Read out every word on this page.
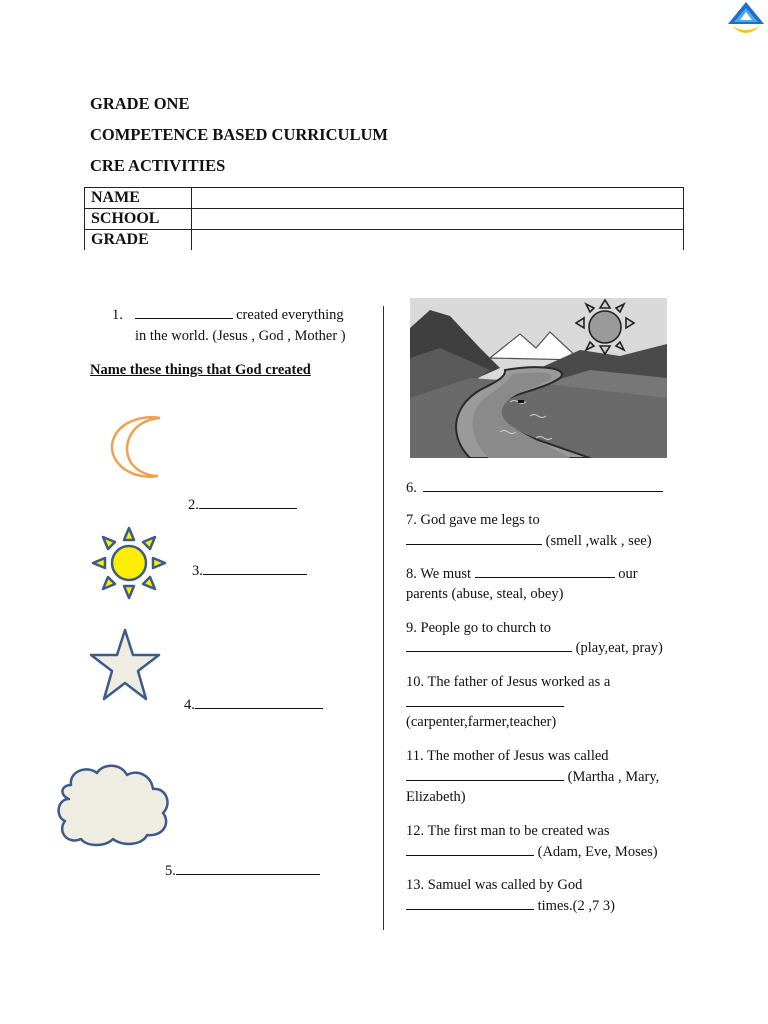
GRADE ONE
COMPETENCE BASED CURRICULUM
CRE ACTIVITIES
NAME	
SCHOOL	
GRADE	
1.	created everything
in the world. (Jesus , God , Mother )
Name these things that God created
2.
3.
4.
5.
6.
7. God gave me legs to
(smell ,walk , see)
8. We must	our
parents (abuse, steal, obey)
9. People go to church to
(play,eat, pray)
10. The father of Jesus worked as a
(carpenter,farmer,teacher)
11. The mother of Jesus was called
(Martha , Mary,
Elizabeth)
12. The first man to be created was
(Adam, Eve, Moses)
13. Samuel was called by God
times.(2 ,7 3)
